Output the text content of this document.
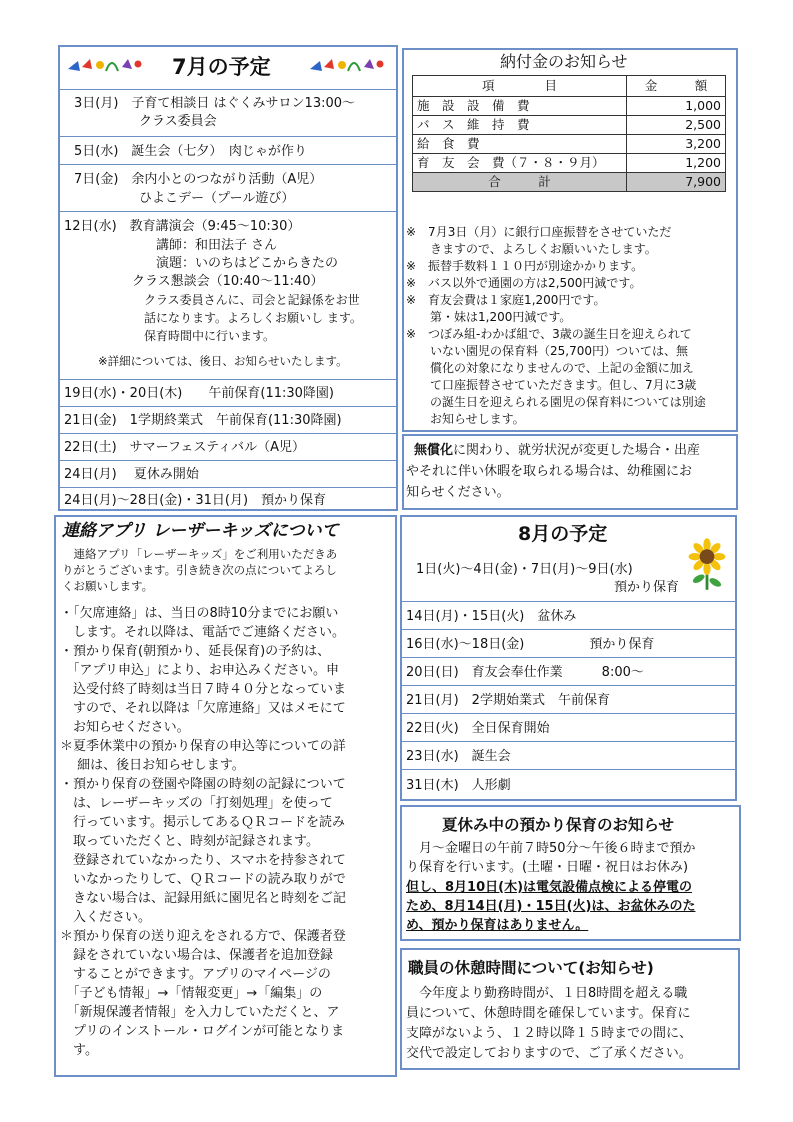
7月の予定
3日(月)　子育て相談日 はぐくみサロン13:00～
　　　　　クラス委員会
5日(水)　誕生会（七夕）　肉じゃが作り
7日(金)　余内小とのつながり活動（A児）
　　　　　ひよこデー（プール遊び）
12日(水)　教育講演会（9:45～10:30）
講師：和田法子 さん
演題：いのちはどこからきたの
クラス懇談会（10:40～11:40）
クラス委員さんに、司会と記録係をお世
話になります。よろしくお願いし ます。
保育時間中に行います。
※詳細については、後日、お知らせいたします。
19日(水)・20日(木)　　午前保育(11:30降園)
21日(金)　1学期終業式　午前保育(11:30降園)
22日(土)　サマーフェスティバル（A児）
24日(月)　 夏休み開始
24日(月)～28日(金)・31日(月)　預かり保育
納付金のお知らせ
項　　　　目	金　　　額
施　設　設　備　費	1,000
バ　ス　維　持　費	2,500
給　食　費	3,200
育　友　会　費（７・８・９月）	1,200
合　　　計	7,900
※　7月3日（月）に銀行口座振替をさせていただ
　　きますので、よろしくお願いいたします。
※　振替手数料１１０円が別途かかります。
※　バス以外で通園の方は2,500円減です。
※　育友会費は１家庭1,200円です。
　　第・妹は1,200円減です。
※　つぼみ組-わかば組で、3歳の誕生日を迎えられて
　　いない園児の保育料（25,700円）ついては、無
　　償化の対象になりませんので、上記の金額に加え
　　て口座振替させていただきます。但し、7月に3歳
　　の誕生日を迎えられる園児の保育料については別途
　　お知らせします。
無償化に関わり、就労状況が変更した場合・出産
やそれに伴い休暇を取られる場合は、幼稚園にお
知らせください。
連絡アプリ レーザーキッズについて
　連絡アプリ「レーザーキッズ」をご利用いただきあ
りがとうございます。引き続き次の点についてよろし
くお願いします。
・「欠席連絡」は、当日の8時10分までにお願い
　します。それ以降は、電話でご連絡ください。
・預かり保育(朝預かり、延長保育)の予約は、
　「アプリ申込」により、お申込みください。申
　込受付終了時刻は当日７時４０分となっていま
　すので、それ以降は「欠席連絡」又はメモにて
　お知らせください。
＊夏季休業中の預かり保育の申込等についての詳
　 細は、後日お知らせします。
・預かり保育の登園や降園の時刻の記録について
　は、レーザーキッズの「打刻処理」を使って
　行っています。掲示してあるＱＲコードを読み
　取っていただくと、時刻が記録されます。
　登録されていなかったり、スマホを持参されて
　いなかったりして、ＱＲコードの読み取りがで
　きない場合は、記録用紙に園児名と時刻をご記
　入ください。
＊預かり保育の送り迎えをされる方で、保護者登
　録をされていない場合は、保護者を追加登録
　することができます。アプリのマイページの
　「子ども情報」→「情報変更」→「編集」の
　「新規保護者情報」を入力していただくと、ア
　プリのインストール・ログインが可能となりま
　す。
8月の予定
1日(火)～4日(金)・7日(月)～9日(水)
預かり保育
14日(月)・15日(火)　盆休み
16日(水)～18日(金)　　　　　預かり保育
20日(日)　育友会奉仕作業　　　8:00～
21日(月)　2学期始業式　午前保育
22日(火)　全日保育開始
23日(水)　誕生会
31日(木)　人形劇
夏休み中の預かり保育のお知らせ
　月～金曜日の午前７時50分～午後６時まで預か
り保育を行います。(土曜・日曜・祝日はお休み)
但し、8月10日(木)は電気設備点検による停電の
ため、8月14日(月)・15日(火)は、お盆休みのた
め、預かり保育はありません。
職員の休憩時間について(お知らせ)
　今年度より勤務時間が、１日8時間を超える職
員について、休憩時間を確保しています。保育に
支障がないよう、１２時以降１５時までの間に、
交代で設定しておりますので、ご了承ください。
